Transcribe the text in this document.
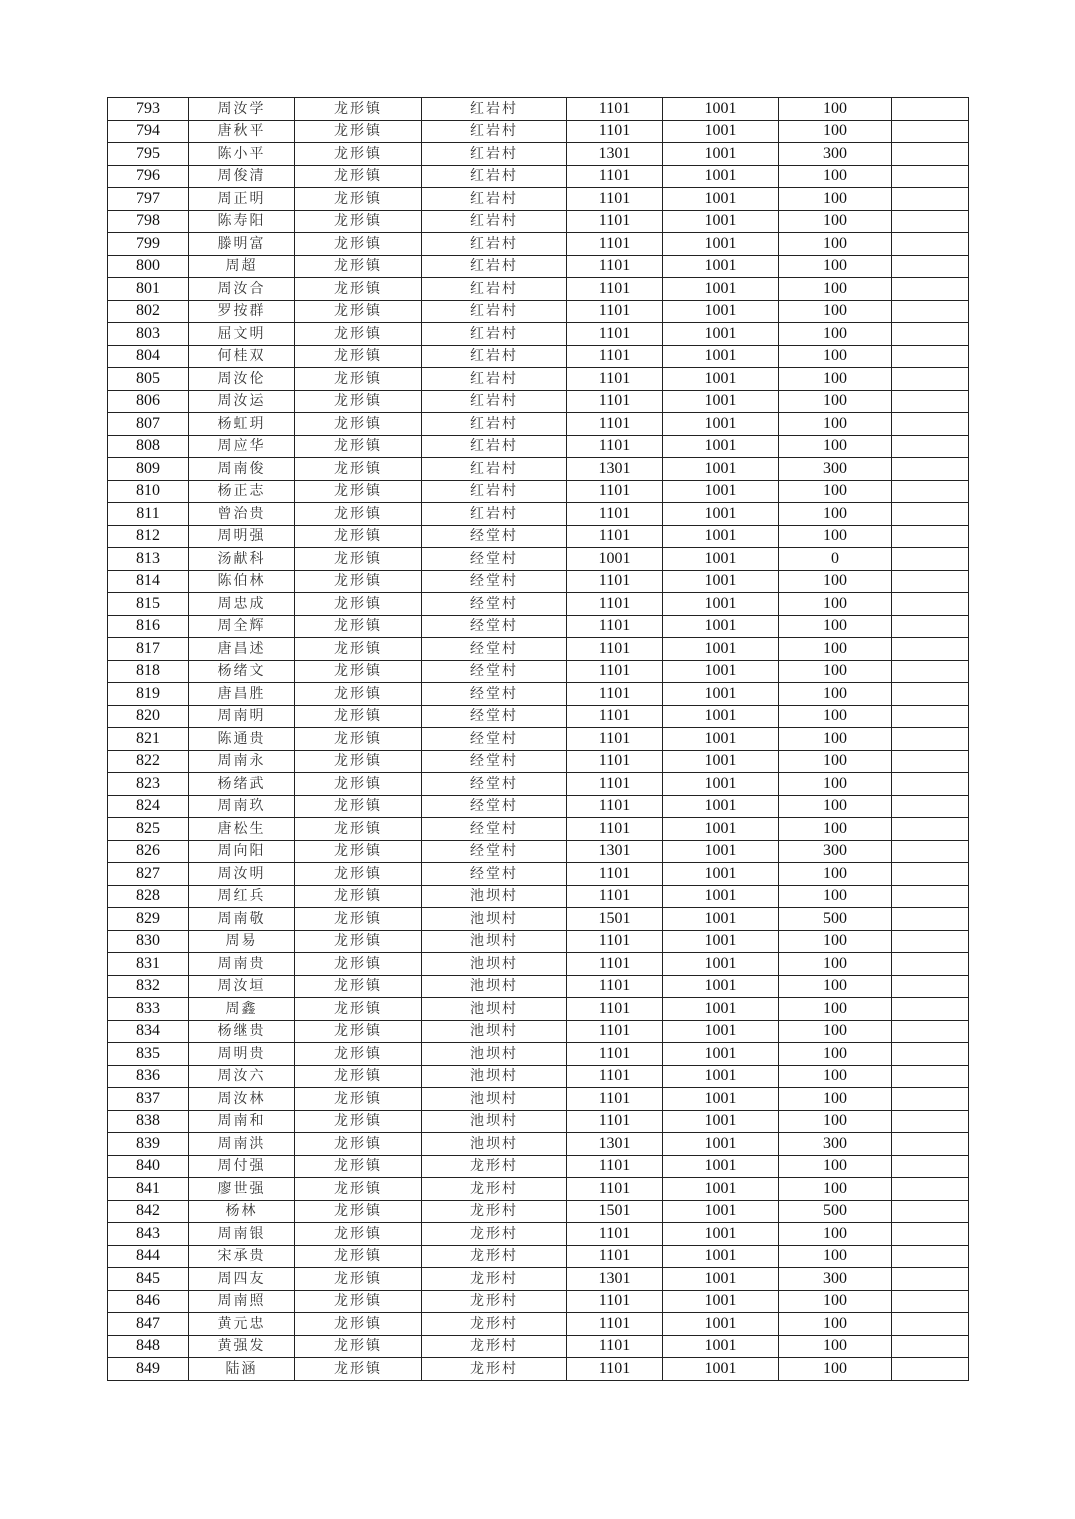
793	周汝学	龙形镇	红岩村	1101	1001	100	
794	唐秋平	龙形镇	红岩村	1101	1001	100	
795	陈小平	龙形镇	红岩村	1301	1001	300	
796	周俊清	龙形镇	红岩村	1101	1001	100	
797	周正明	龙形镇	红岩村	1101	1001	100	
798	陈寿阳	龙形镇	红岩村	1101	1001	100	
799	滕明富	龙形镇	红岩村	1101	1001	100	
800	周超	龙形镇	红岩村	1101	1001	100	
801	周汝合	龙形镇	红岩村	1101	1001	100	
802	罗按群	龙形镇	红岩村	1101	1001	100	
803	屈文明	龙形镇	红岩村	1101	1001	100	
804	何桂双	龙形镇	红岩村	1101	1001	100	
805	周汝伦	龙形镇	红岩村	1101	1001	100	
806	周汝运	龙形镇	红岩村	1101	1001	100	
807	杨虹玥	龙形镇	红岩村	1101	1001	100	
808	周应华	龙形镇	红岩村	1101	1001	100	
809	周南俊	龙形镇	红岩村	1301	1001	300	
810	杨正志	龙形镇	红岩村	1101	1001	100	
811	曾治贵	龙形镇	红岩村	1101	1001	100	
812	周明强	龙形镇	经堂村	1101	1001	100	
813	汤献科	龙形镇	经堂村	1001	1001	0	
814	陈伯林	龙形镇	经堂村	1101	1001	100	
815	周忠成	龙形镇	经堂村	1101	1001	100	
816	周全辉	龙形镇	经堂村	1101	1001	100	
817	唐昌述	龙形镇	经堂村	1101	1001	100	
818	杨绪文	龙形镇	经堂村	1101	1001	100	
819	唐昌胜	龙形镇	经堂村	1101	1001	100	
820	周南明	龙形镇	经堂村	1101	1001	100	
821	陈通贵	龙形镇	经堂村	1101	1001	100	
822	周南永	龙形镇	经堂村	1101	1001	100	
823	杨绪武	龙形镇	经堂村	1101	1001	100	
824	周南玖	龙形镇	经堂村	1101	1001	100	
825	唐松生	龙形镇	经堂村	1101	1001	100	
826	周向阳	龙形镇	经堂村	1301	1001	300	
827	周汝明	龙形镇	经堂村	1101	1001	100	
828	周红兵	龙形镇	池坝村	1101	1001	100	
829	周南敬	龙形镇	池坝村	1501	1001	500	
830	周易	龙形镇	池坝村	1101	1001	100	
831	周南贵	龙形镇	池坝村	1101	1001	100	
832	周汝垣	龙形镇	池坝村	1101	1001	100	
833	周鑫	龙形镇	池坝村	1101	1001	100	
834	杨继贵	龙形镇	池坝村	1101	1001	100	
835	周明贵	龙形镇	池坝村	1101	1001	100	
836	周汝六	龙形镇	池坝村	1101	1001	100	
837	周汝林	龙形镇	池坝村	1101	1001	100	
838	周南和	龙形镇	池坝村	1101	1001	100	
839	周南洪	龙形镇	池坝村	1301	1001	300	
840	周付强	龙形镇	龙形村	1101	1001	100	
841	廖世强	龙形镇	龙形村	1101	1001	100	
842	杨林	龙形镇	龙形村	1501	1001	500	
843	周南银	龙形镇	龙形村	1101	1001	100	
844	宋承贵	龙形镇	龙形村	1101	1001	100	
845	周四友	龙形镇	龙形村	1301	1001	300	
846	周南照	龙形镇	龙形村	1101	1001	100	
847	黄元忠	龙形镇	龙形村	1101	1001	100	
848	黄强发	龙形镇	龙形村	1101	1001	100	
849	陆涵	龙形镇	龙形村	1101	1001	100	
